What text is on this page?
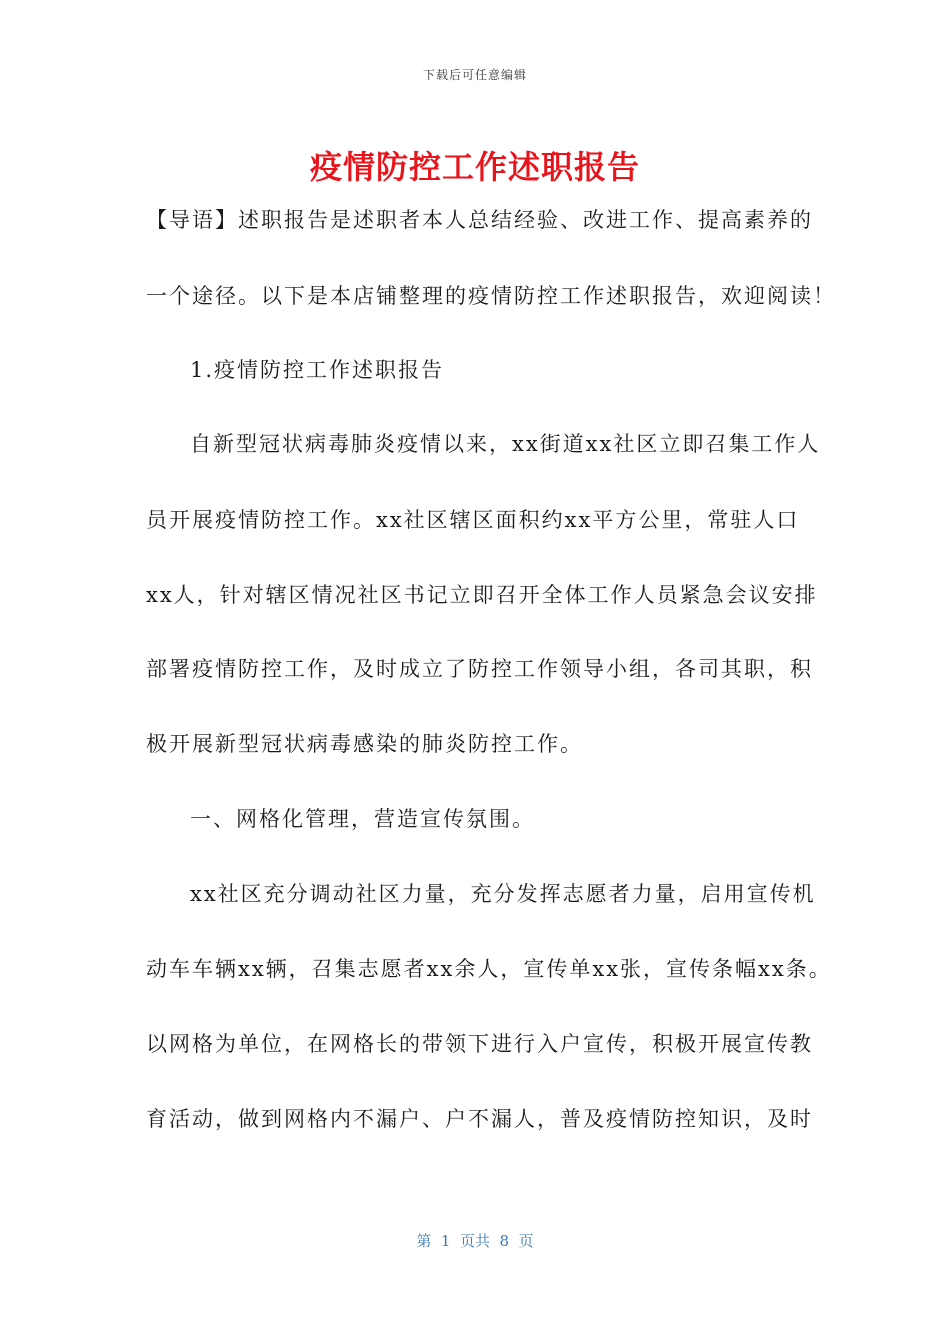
下载后可任意编辑
疫情防控工作述职报告
【导语】述职报告是述职者本人总结经验、改进工作、提高素养的
一个途径。以下是本店铺整理的疫情防控工作述职报告，欢迎阅读！
1.疫情防控工作述职报告
自新型冠状病毒肺炎疫情以来，xx街道xx社区立即召集工作人
员开展疫情防控工作。xx社区辖区面积约xx平方公里，常驻人口
xx人，针对辖区情况社区书记立即召开全体工作人员紧急会议安排
部署疫情防控工作，及时成立了防控工作领导小组，各司其职，积
极开展新型冠状病毒感染的肺炎防控工作。
一、网格化管理，营造宣传氛围。
xx社区充分调动社区力量，充分发挥志愿者力量，启用宣传机
动车车辆xx辆，召集志愿者xx余人，宣传单xx张，宣传条幅xx条。
以网格为单位，在网格长的带领下进行入户宣传，积极开展宣传教
育活动，做到网格内不漏户、户不漏人，普及疫情防控知识，及时
第  1  页共  8  页
